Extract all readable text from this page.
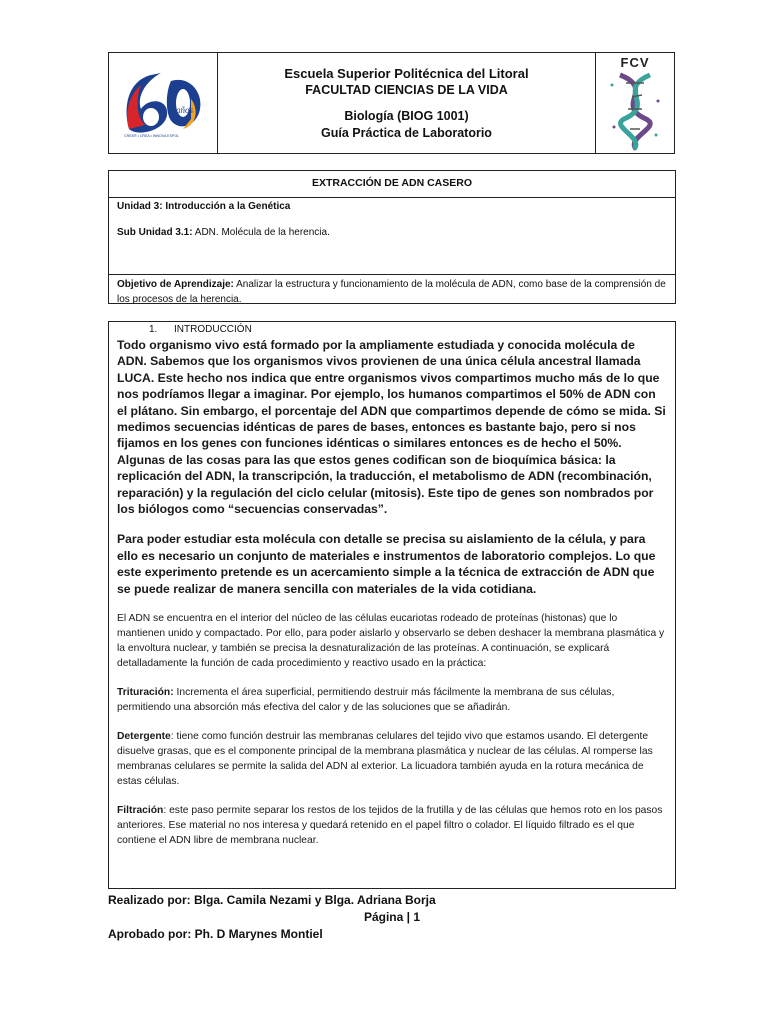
años
CREER • CREA • INNOVA ESPOL
Escuela Superior Politécnica del Litoral
FACULTAD CIENCIAS DE LA VIDA
Biología (BIOG 1001)
Guía Práctica de Laboratorio
FCV
EXTRACCIÓN DE ADN CASERO

Unidad 3: Introducción a la Genética

Sub Unidad 3.1: ADN. Molécula de la herencia.

Objetivo de Aprendizaje: Analizar la estructura y funcionamiento de la molécula de ADN, como base de la comprensión de los procesos de la herencia.
1. INTRODUCCIÓN

Todo organismo vivo está formado por la ampliamente estudiada y conocida molécula de ADN. Sabemos que los organismos vivos provienen de una única célula ancestral llamada LUCA. Este hecho nos indica que entre organismos vivos compartimos mucho más de lo que nos podríamos llegar a imaginar. Por ejemplo, los humanos compartimos el 50% de ADN con el plátano. Sin embargo, el porcentaje del ADN que compartimos depende de cómo se mida. Si medimos secuencias idénticas de pares de bases, entonces es bastante bajo, pero si nos fijamos en los genes con funciones idénticas o similares entonces es de hecho el 50%. Algunas de las cosas para las que estos genes codifican son de bioquímica básica: la replicación del ADN, la transcripción, la traducción, el metabolismo de ADN (recombinación, reparación) y la regulación del ciclo celular (mitosis). Este tipo de genes son nombrados por los biólogos como “secuencias conservadas”.

Para poder estudiar esta molécula con detalle se precisa su aislamiento de la célula, y para ello es necesario un conjunto de materiales e instrumentos de laboratorio complejos. Lo que este experimento pretende es un acercamiento simple a la técnica de extracción de ADN que se puede realizar de manera sencilla con materiales de la vida cotidiana.

El ADN se encuentra en el interior del núcleo de las células eucariotas rodeado de proteínas (histonas) que lo mantienen unido y compactado. Por ello, para poder aislarlo y observarlo se deben deshacer la membrana plasmática y la envoltura nuclear, y también se precisa la desnaturalización de las proteínas. A continuación, se explicará detalladamente la función de cada procedimiento y reactivo usado en la práctica:

Trituración: Incrementa el área superficial, permitiendo destruir más fácilmente la membrana de sus células, permitiendo una absorción más efectiva del calor y de las soluciones que se añadirán.

Detergente: tiene como función destruir las membranas celulares del tejido vivo que estamos usando. El detergente disuelve grasas, que es el componente principal de la membrana plasmática y nuclear de las células. Al romperse las membranas celulares se permite la salida del ADN al exterior. La licuadora también ayuda en la rotura mecánica de estas células.

Filtración: este paso permite separar los restos de los tejidos de la frutilla y de las células que hemos roto en los pasos anteriores. Ese material no nos interesa y quedará retenido en el papel filtro o colador. El líquido filtrado es el que contiene el ADN libre de membrana nuclear.

Realizado por: Blga. Camila Nezami y Blga. Adriana Borja
Página | 1
Aprobado por: Ph. D Marynes Montiel
